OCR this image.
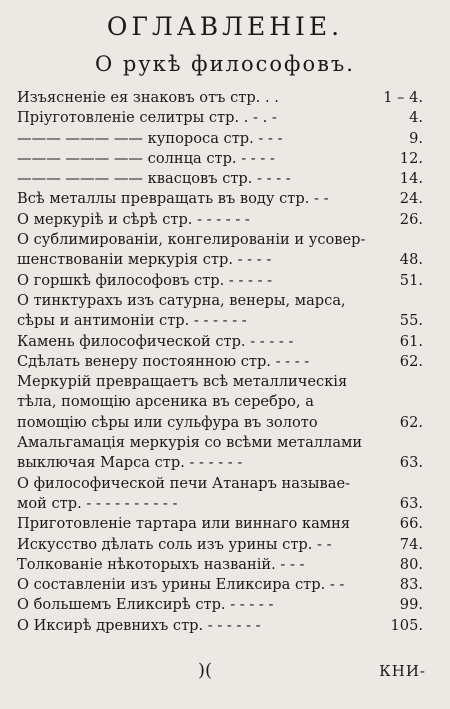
ОГЛАВЛЕНІЕ.
О рукѣ философовъ.
Изъясненіе ея знаковъ отъ стр. . .	1 – 4.
Пріуготовленіе селитры стр. . - . -	4.
——— ——— —— купороса стр. - - -	9.
——— ——— —— солнца стр. - - - -	12.
——— ——— —— квасцовъ стр. - - - -	14.
Всѣ металлы превращать въ воду стр. - -	24.
О меркуріѣ и сѣрѣ стр. - - - - - -	26.
О сублимированіи, конгелированіи и усовер-
шенствованіи меркурія стр. - - - -	48.
О горшкѣ философовъ стр. - - - - -	51.
О тинктурахъ изъ сатурна, венеры, марса,
сѣры и антимоніи стр. - - - - - -	55.
Камень философической стр. - - - - -	61.
Сдѣлать венеру постоянною стр. - - - -	62.
Меркурій превращаетъ всѣ металлическія
тѣла, помощію арсеника въ серебро, а
помощію сѣры или сульфура въ золото	62.
Амальгамація меркурія со всѣми металлами
выключая Марса стр. - - - - - -	63.
О философической печи Атанаръ называе-
мой стр. - - - - - - - - - -	63.
Приготовленіе тартара или виннаго камня	66.
Искусство дѣлать соль изъ урины стр. - -	74.
Толкованіе нѣкоторыхъ названій. - - -	80.
О составленіи изъ урины Еликсира стр. - -	83.
О большемъ Еликсирѣ стр. - - - - -	99.
О Иксирѣ древнихъ стр. - - - - - -	105.
)(	КНИ-
